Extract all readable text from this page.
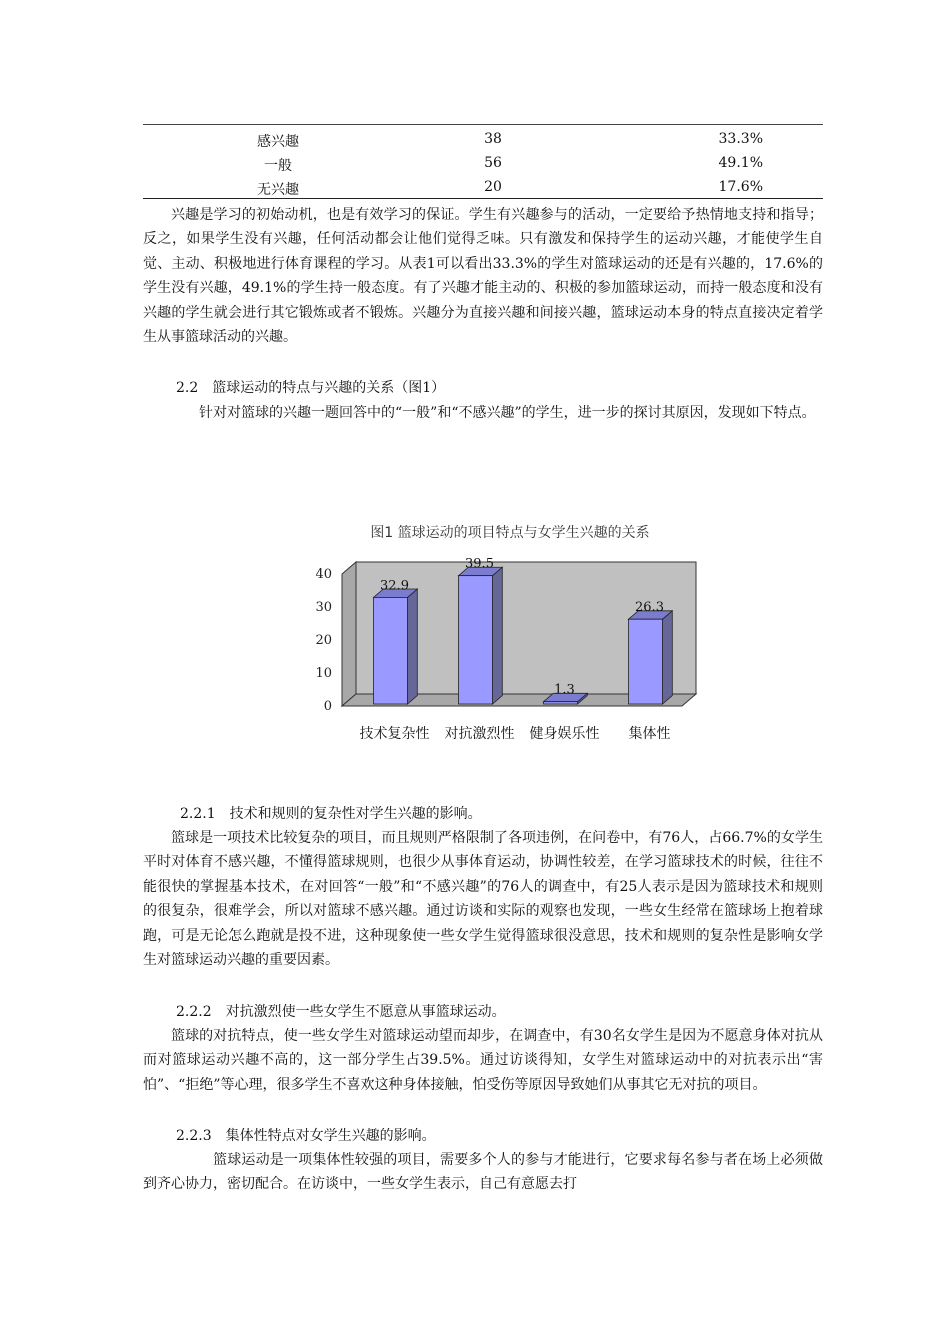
感兴趣	38	33.3%
一般	56	49.1%
无兴趣	20	17.6%

兴趣是学习的初始动机，也是有效学习的保证。学生有兴趣参与的活动，一定要给予热情地支持和指导；反之，如果学生没有兴趣，任何活动都会让他们觉得乏味。只有激发和保持学生的运动兴趣，才能使学生自觉、主动、积极地进行体育课程的学习。从表1可以看出33.3%的学生对篮球运动的还是有兴趣的，17.6%的学生没有兴趣，49.1%的学生持一般态度。有了兴趣才能主动的、积极的参加篮球运动，而持一般态度和没有兴趣的学生就会进行其它锻炼或者不锻炼。兴趣分为直接兴趣和间接兴趣，篮球运动本身的特点直接决定着学生从事篮球活动的兴趣。

2.2　篮球运动的特点与兴趣的关系（图1）

针对对篮球的兴趣一题回答中的“一般”和“不感兴趣”的学生，进一步的探讨其原因，发现如下特点。

图1 篮球运动的项目特点与女学生兴趣的关系
0
10
20
30
40
32.9
39.5
1.3
26.3
技术复杂性 对抗激烈性 健身娱乐性 集体性

2.2.1　技术和规则的复杂性对学生兴趣的影响。

篮球是一项技术比较复杂的项目，而且规则严格限制了各项违例，在问卷中，有76人，占66.7%的女学生平时对体育不感兴趣，不懂得篮球规则，也很少从事体育运动，协调性较差，在学习篮球技术的时候，往往不能很快的掌握基本技术，在对回答“一般”和“不感兴趣”的76人的调查中，有25人表示是因为篮球技术和规则的很复杂，很难学会，所以对篮球不感兴趣。通过访谈和实际的观察也发现，一些女生经常在篮球场上抱着球跑，可是无论怎么跑就是投不进，这种现象使一些女学生觉得篮球很没意思，技术和规则的复杂性是影响女学生对篮球运动兴趣的重要因素。

2.2.2　对抗激烈使一些女学生不愿意从事篮球运动。

篮球的对抗特点，使一些女学生对篮球运动望而却步，在调查中，有30名女学生是因为不愿意身体对抗从而对篮球运动兴趣不高的，这一部分学生占39.5%。通过访谈得知，女学生对篮球运动中的对抗表示出“害怕”、“拒绝”等心理，很多学生不喜欢这种身体接触，怕受伤等原因导致她们从事其它无对抗的项目。

2.2.3　集体性特点对女学生兴趣的影响。

篮球运动是一项集体性较强的项目，需要多个人的参与才能进行，它要求每名参与者在场上必须做到齐心协力，密切配合。在访谈中，一些女学生表示，自己有意愿去打
